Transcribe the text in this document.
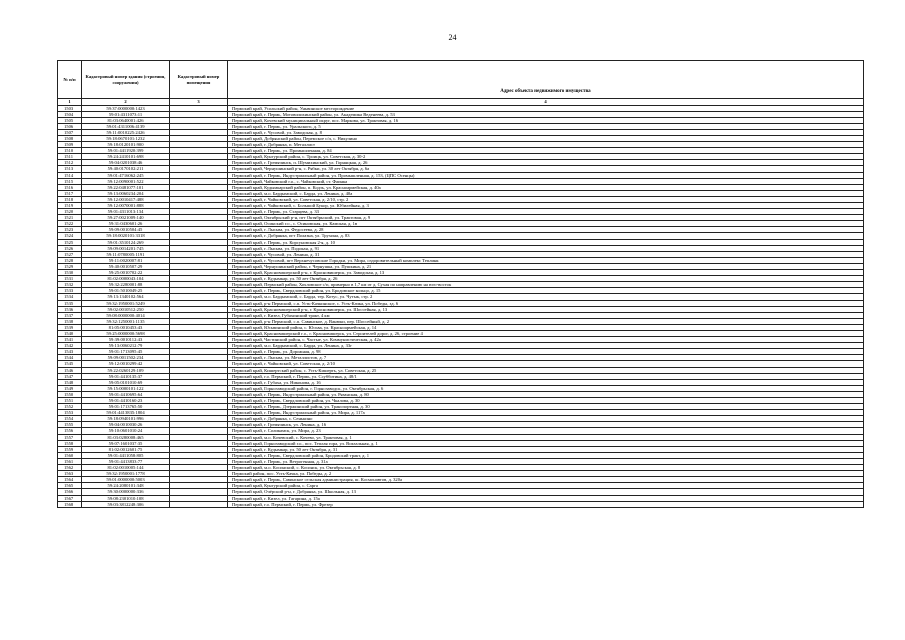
24
№ п/п	Кадастровый номер здания (строения, сооружения)	Кадастровый номер помещения	Адрес объекта недвижимого имущества
1	2	3	4
1503	59:37:0000000:1423		Пермский край, Усольский район, Уньвинское месторождение
1504	59:01:4311073:11		Пермский край, г. Пермь, Мотовилихинский район, ул. Академика Веденеева, д. 53
1505	81:03:0640001:426		Пермский край, Кочевский муниципальный округ, пос. Маркова, ул. Трактовая, д. 16
1506	59:01:4311006:4139		Пермский край, г. Пермь, ул. Уральского, д. 5
1507	59:11:0010225:2426		Пермский край, г. Чусовой, ул. Заводская, д. 8
1508	59:18:0670101:1232		Пермский край, Добрянский район, Перемское с/п, с. Никулино
1509	59:18:0120101:900		Пермский край, г. Добрянка, п. Металлист
1510	59:01:4411920:399		Пермский край, г. Пермь, ул. Промышленная, д. 84
1511	59:24:2410101:698		Пермский край, Кунгурский район, с. Троицк, ул. Советская, д. 30-2
1512	59:04:0201038:46		Пермский край, г. Гремячинск, п. Шумихинский, ул. Горняцкая, д. 26
1513	59:40:0170102:211		Пермский край, Чернушинский р-н, с. Рябки, ул. 30 лет Октября, д. 6а
1514	59:01:4716062:245		Пермский край, г. Пермь, Индустриальный район, ул. Промышленная, д. 153, (ЦПС Осенцы)
1515	59:12:0090001:522		Пермский край, Чайковский г.о., с. Чайковский, ст. Фаинка
1516	59:22:0481077:101		Пермский край, Кудымкарский район, п. Кодзь, ул. Красноармейская, д. 40а
1517	59:13:0060234:204		Пермский край, м.о. Бардымский, с. Барда, ул. Ленина, д. 40а
1518	59:12:0010417:488		Пермский край, г. Чайковский, ул. Советская, д. 2/10, стр. 2
1519	59:12:0070001:888		Пермский край, г. Чайковский, с. Большой Букор, ул. Юбилейная, д. 3
1520	59:01:4311013:134		Пермский край, г. Пермь, ул. Старцева, д. 33
1521	59:27:0021009:140		Пермский край, Октябрьский р-н, пгт Октябрьский, ул. Трактовая, д. 9
1522	59:31:0430601:26		Пермский край, Осинский г.о., с. Осиновская, ул. Камская, д. 1в
1523	59:09:0010504:45		Пермский край, г. Лысьва, ул. Федосеева, д. 28
1524	59:18:0020101:3318		Пермский край, г. Добрянка, пгт Полазна, ул. Трухина, д. 83
1525	59:01:3510124:269		Пермский край, г. Пермь, ул. Корсуновская 2-я, д. 10
1526	59:09:0014201:745		Пермский край, г. Лысьва, ул. Подокая, д. 91
1527	59:11:0780005:1191		Пермский край, г. Чусовой, ул. Ленина, д. 31
1528	59:11:0020007:81		Пермский край, г. Чусовой, пгт Верхнечусовские Городки, ул. Мира, оздоровительный комплекс Теплинк
1529	59:40:0010507:29		Пермский край, Чернушинский район, г. Чернушка, ул. Пушкина, д. 21
1530	59:25:0010702:22		Пермский край, Красновишерский р-н, г. Красновишерск, ул. Заводская, д. 13
1531	81:02:0000043:104		Пермский край, г. Кудымкар, ул. 50 лет Октября, д. 26
1532	59:32:2280001:88		Пермский край, Пермский район, Хохловское с/п, примерно в 1,7 км от д. Сухая по направлению на юго-восток
1533	59:01:5010049:25		Пермский край, г. Пермь, Свердловский район, ул. Бродовское кольцо, д. 15
1534	59:13:1340102:564		Пермский край, м.о. Бардымский, с. Барда, тер. Котус, ул. Чутык, стр. 2
1535	59:32:1950001:5249		Пермский край, р-н Пермский, с.п. Усть-Качкинское, с. Усть-Качка, ул. Победы, зд. 6
1536	59:02:0010512:250		Пермский край, Красновишерский р-н, г. Красновишерск, ул. Шоссейная, д. 13
1537	59:08:0000000:4014		Пермский край, г. Кизел, Губахинский тракт, 4 км
1538	59:32:1250001:1135		Пермский край, р-н Пермский, с.п. Савинское, д. Ванюки, пер. Шоссейный, д. 2
1539	81:05:0010453:43		Пермский край, Юсьвинский район, с. Юсьва, ул. Красноармейская, д. 14
1540	59:25:0000000:5698		Пермский край, Красновишерский г.о., г. Красновишерск, ул. Строителей дорог, д. 26, строение 4
1541	59:39:0010112:43		Пермский край, Частинский район, с. Частые, ул. Коммунистическая, д. 42а
1542	59:13:0060212:79		Пермский край, м.о. Бардымский, с. Барда, ул. Ленина, д. 33г
1543	59:01:1713095:45		Пермский край, г. Пермь, ул. Дорожная, д. 98
1544	59:09:0011502:234		Пермский край, г. Лысьва, ул. Металлистов, д. 7
1545	59:12:0010299:42		Пермский край, г. Чайковский, ул. Советская, д. 2/10
1546	59:22:0260129:109		Пермский край, Кишертский район, с. Усть-Кишерть, ул. Советская, д. 25
1547	59:01:4410135:37		Пермский край, г.о. Пермский, г. Пермь, ул. Ссубботина, д. 48/1
1548	59:05:0101010:69		Пермский край, г. Губаха, ул. Никонова, д. 16
1549	59:15:0000101:122		Пермский край, Горнозаводский район, г. Горнозаводск, ул. Октябрьская, д. 6
1550	59:01:4410695:64		Пермский край, г. Пермь, Индустриальный район, ул. Рязанская, д. 80
1551	59:01:4410160:23		Пермский край, г. Пермь, Свердловский район, ул. Чкалова, д. 30
1552	59:01:1713765:50		Пермский край, г. Пермь, Дзержинский район, ул. Транспортная, д. 30
1553	59:01:4413835:1804		Пермский край, г. Пермь, Индустриальный район, ул. Мира, д. 117а
1554	59:18:0940101:996		Пермский край, г. Добрянка, с. Сенькино
1555	59:04:0010030:26		Пермский край, г. Гремячинск, ул. Ленина, д. 16
1556	59:10:0601010:24		Пермский край, г. Соликамск, ул. Мира, д. 23
1557	81:03:0280008:465		Пермский край, м.о. Кочевский, с. Кочево, ул. Трактовая, д. 1
1558	59:07:1601037:35		Пермский край, Горнозаводский г.о., пос. Теплая гора, ул. Вокзальная, д. 1
1559	81:02:0012601:75		Пермский край, г. Кудымкар, ул. 50 лет Октября, д. 31
1560	59:01:4411058:805		Пермский край, г. Пермь, Свердловский район, Бродовский тракт, д. 1
1561	59:01:4413833:77		Пермский край, г. Пермь, ул. Ветрогенная, д. 31а
1562	81:02:0010005:144		Пермский край, м.о. Косинский, с. Косинск, ул. Октябрьская, д. 8
1563	59:32:1950001:1778		Пермский район, пос. Усть-Качка, ул. Победы, д. 2
1564	59:01:0000000:5003		Пермский край, г. Пермь, Савинское сельская администрация, ш. Космонавтов, д. 320а
1565	59:24:2080101:348		Пермский край, Кунгурский район, с. Сарга
1566	59:30:0000000:336		Пермский край, Очёрский р-н, г. Добрянка, ул. Школьная, д. 13
1567	59:08:2301010:108		Пермский край, г. Кизел, ул. Гагарина, д. 15а
1568	59:03:3812248:306		Пермский край, г.о. Пермский, г. Пермь, ул. Фрезер
